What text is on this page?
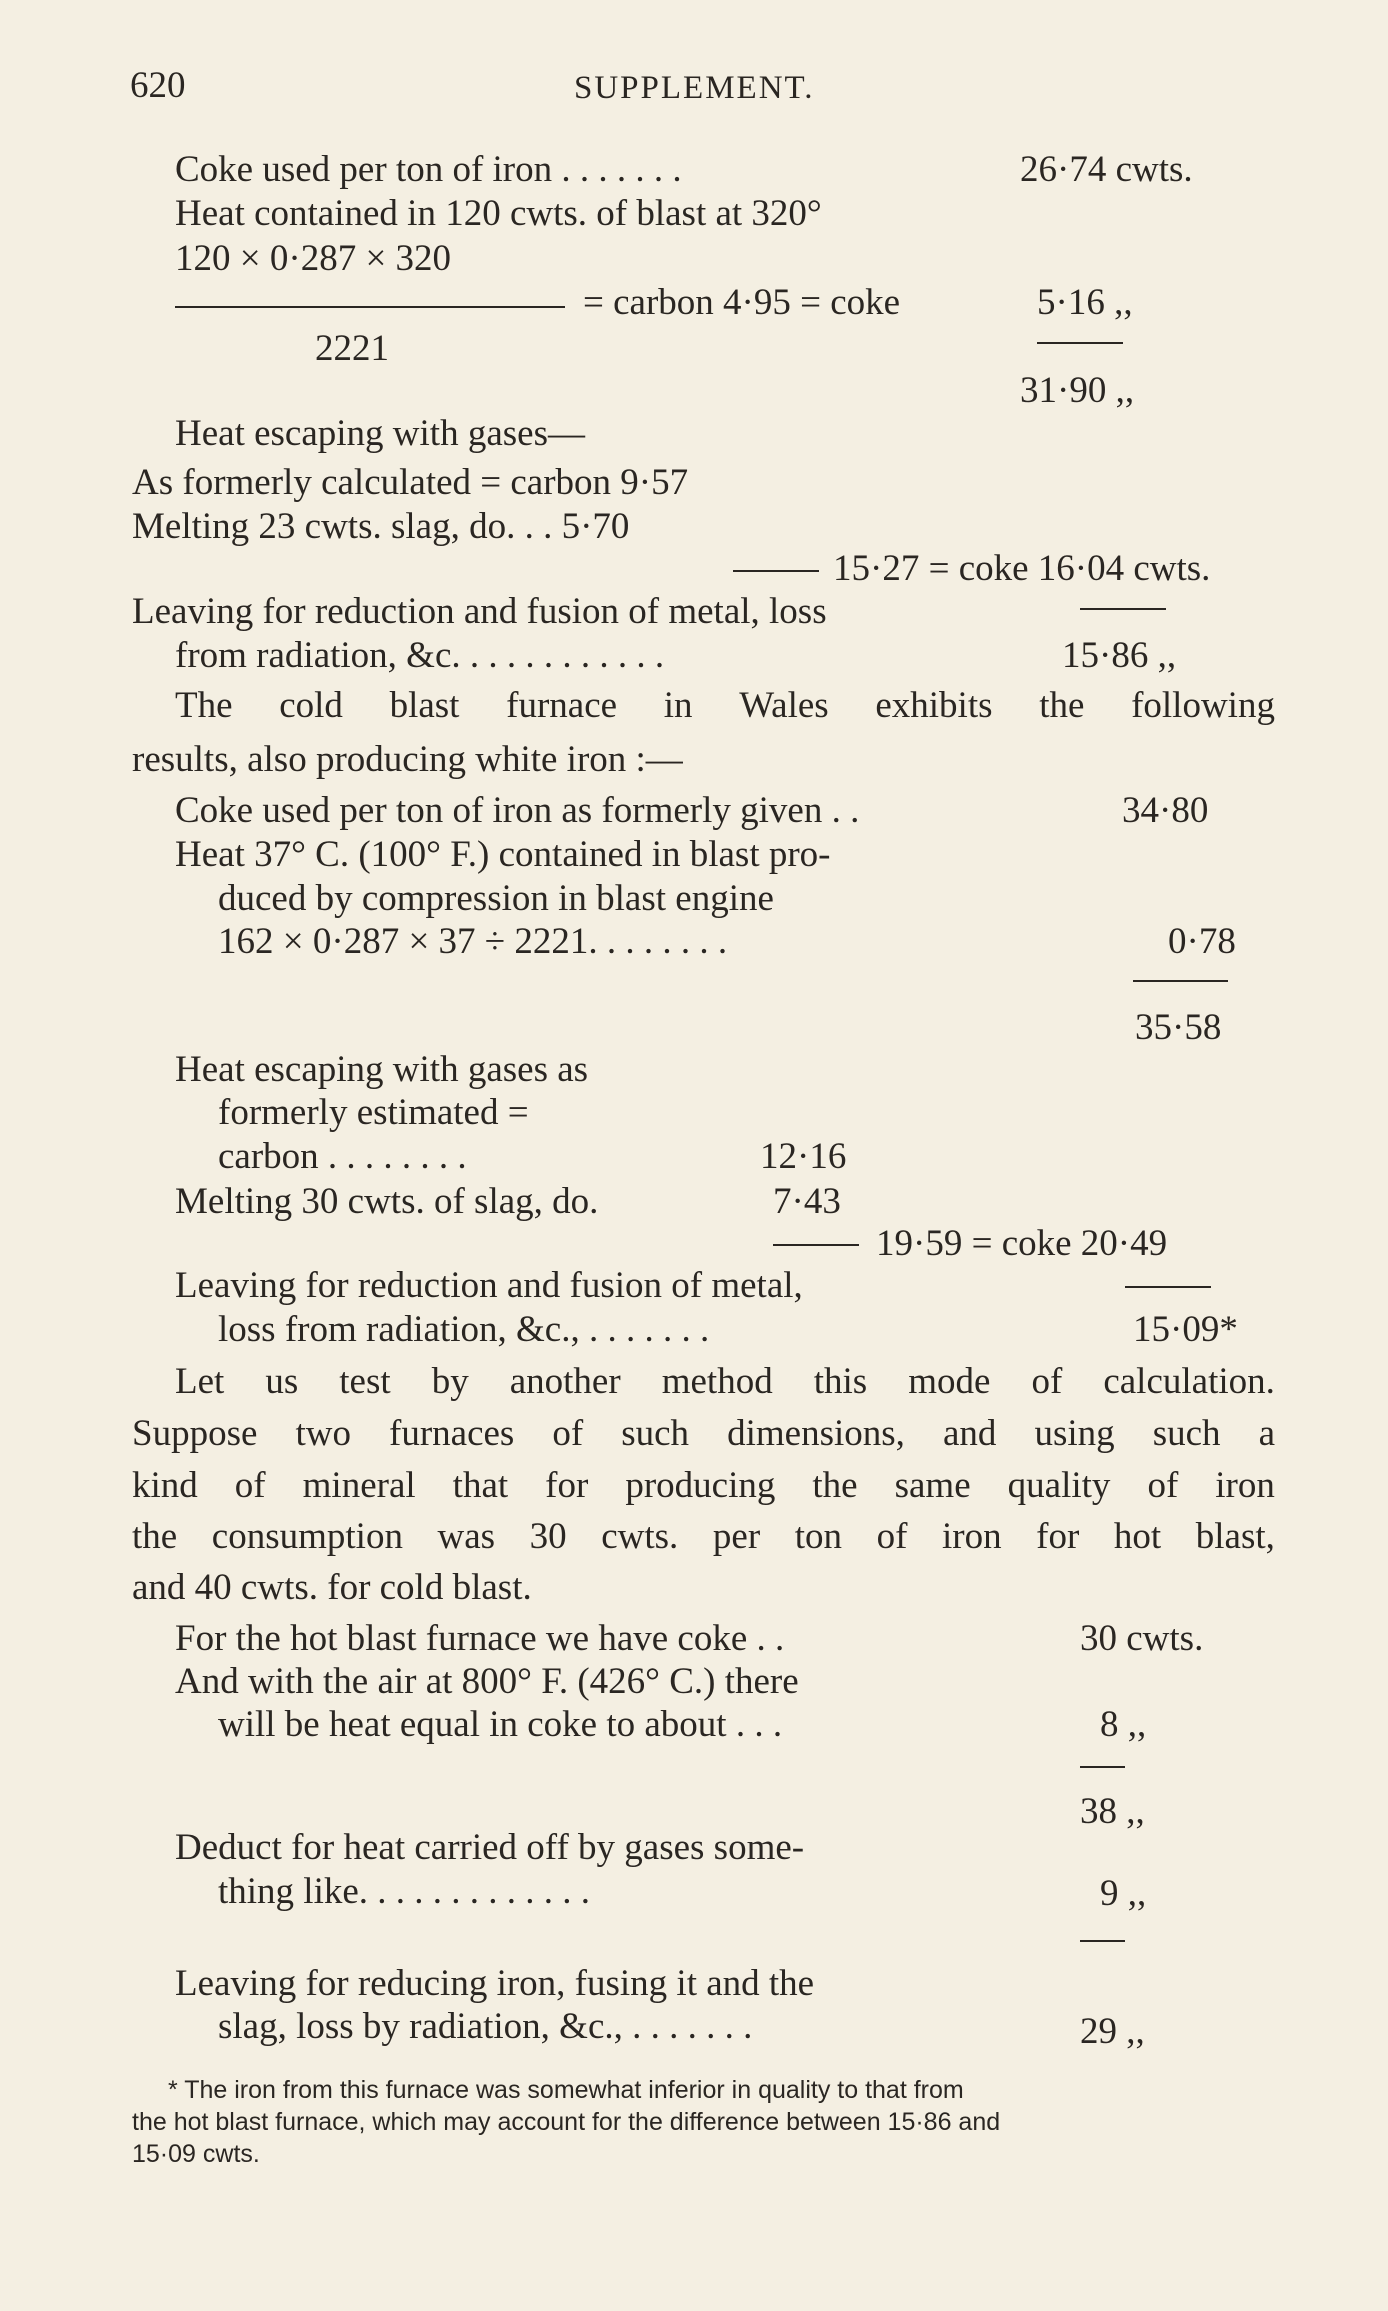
620	SUPPLEMENT.
Coke used per ton of iron . . . . . . .	26·74 cwts.
Heat contained in 120 cwts. of blast at 320°
120 × 0·287 × 320
= carbon 4·95 = coke	5·16 ,,
2221
31·90 ,,
Heat escaping with gases—
As formerly calculated = carbon 9·57
Melting 23 cwts. slag, do. . . 5·70
15·27 = coke 16·04 cwts.
Leaving for reduction and fusion of metal, loss
from radiation, &c. . . . . . . . . . . .	15·86 ,,
The cold blast furnace in Wales exhibits the following
results, also producing white iron :—
Coke used per ton of iron as formerly given . .	34·80
Heat 37° C. (100° F.) contained in blast pro-
duced by compression in blast engine
162 × 0·287 × 37 ÷ 2221. . . . . . . .	0·78
35·58
Heat escaping with gases as
formerly estimated =
carbon . . . . . . . .	12·16
Melting 30 cwts. of slag, do.	7·43
19·59 = coke 20·49
Leaving for reduction and fusion of metal,
loss from radiation, &c., . . . . . . .	15·09*
Let us test by another method this mode of calculation.
Suppose two furnaces of such dimensions, and using such a
kind of mineral that for producing the same quality of iron
the consumption was 30 cwts. per ton of iron for hot blast,
and 40 cwts. for cold blast.
For the hot blast furnace we have coke . .	30 cwts.
And with the air at 800° F. (426° C.) there
will be heat equal in coke to about . . .	8 ,,
38 ,,
Deduct for heat carried off by gases some-
thing like. . . . . . . . . . . . .	9 ,,
Leaving for reducing iron, fusing it and the
slag, loss by radiation, &c., . . . . . . .	29 ,,
* The iron from this furnace was somewhat inferior in quality to that from
the hot blast furnace, which may account for the difference between 15·86 and
15·09 cwts.
